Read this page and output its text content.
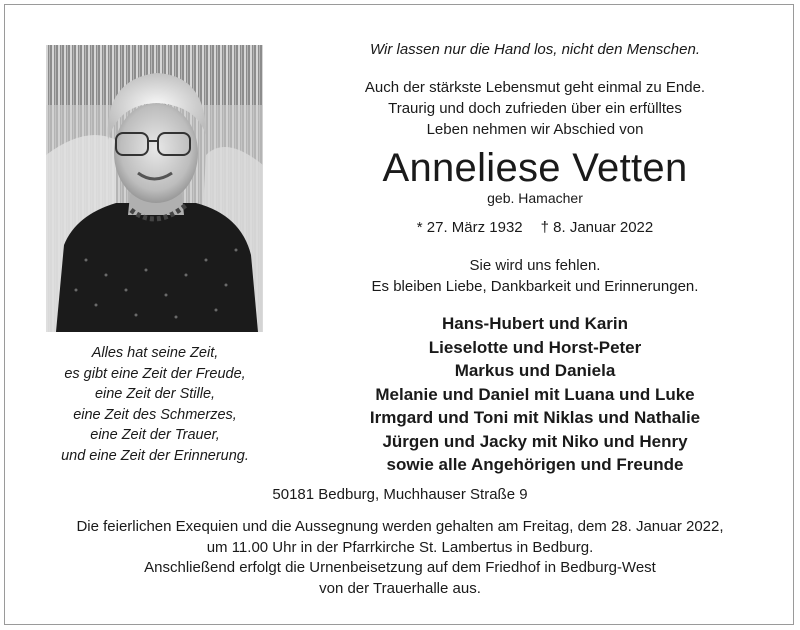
Alles hat seine Zeit,
es gibt eine Zeit der Freude,
eine Zeit der Stille,
eine Zeit des Schmerzes,
eine Zeit der Trauer,
und eine Zeit der Erinnerung.
Wir lassen nur die Hand los, nicht den Menschen.
Auch der stärkste Lebensmut geht einmal zu Ende.
Traurig und doch zufrieden über ein erfülltes
Leben nehmen wir Abschied von
Anneliese Vetten
geb. Hamacher
* 27. März 1932 † 8. Januar 2022
Sie wird uns fehlen.
Es bleiben Liebe, Dankbarkeit und Erinnerungen.
Hans-Hubert und Karin
Lieselotte und Horst-Peter
Markus und Daniela
Melanie und Daniel mit Luana und Luke
Irmgard und Toni mit Niklas und Nathalie
Jürgen und Jacky mit Niko und Henry
sowie alle Angehörigen und Freunde
50181 Bedburg, Muchhauser Straße 9
Die feierlichen Exequien und die Aussegnung werden gehalten am Freitag, dem 28. Januar 2022,
um 11.00 Uhr in der Pfarrkirche St. Lambertus in Bedburg.
Anschließend erfolgt die Urnenbeisetzung auf dem Friedhof in Bedburg-West
von der Trauerhalle aus.
